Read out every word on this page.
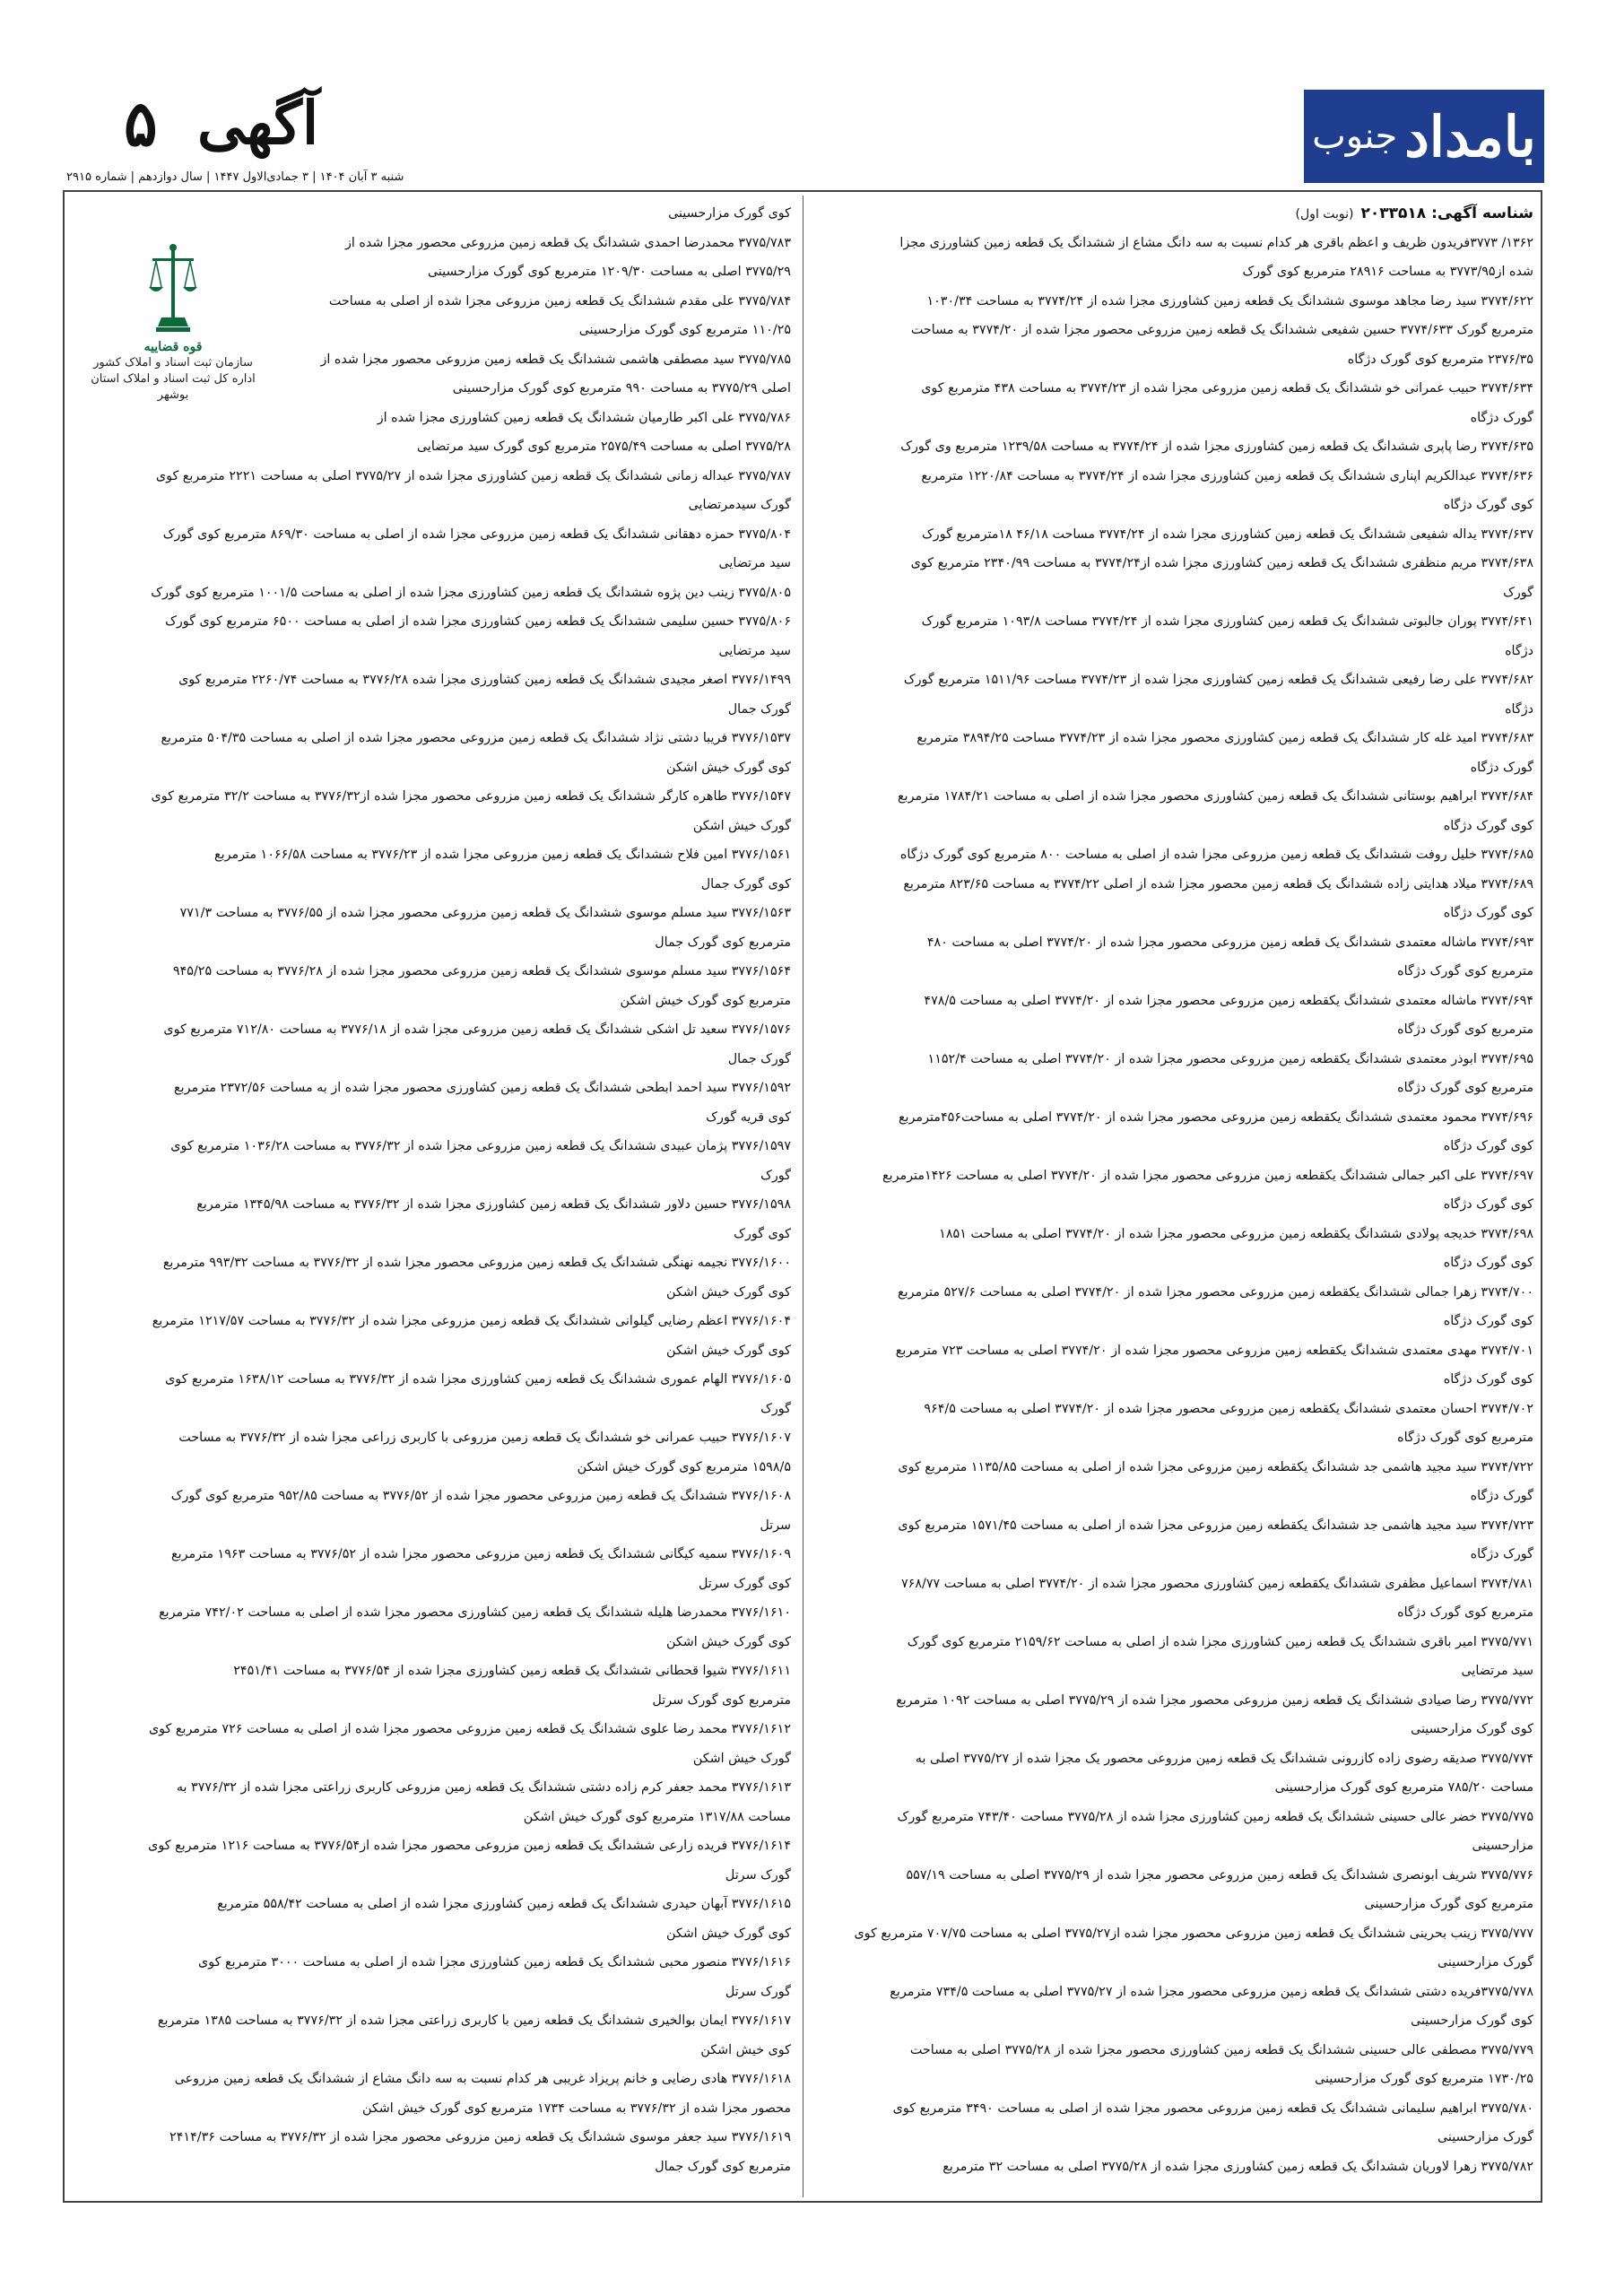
بامداد
جنوب
آگهی
۵
شنبه ۳ آبان ۱۴۰۴ | ۳ جمادی‌الاول ۱۴۴۷ | سال دوازدهم | شماره ۲۹۱۵
شناسه آگهی: ۲۰۳۳۵۱۸(نوبت اول)
۱۳۶۲/ ۳۷۷۳فریدون ظریف و اعظم باقری هر کدام نسبت به سه دانگ مشاع از ششدانگ یک قطعه زمین کشاورزی مجزا
شده از۳۷۷۳/۹۵ به مساحت ۲۸۹۱۶ مترمربع کوی گورک
۳۷۷۴/۶۲۲ سید رضا مجاهد موسوی ششدانگ یک قطعه زمین کشاورزی مجزا شده از ۳۷۷۴/۲۴ به مساحت ۱۰۳۰/۳۴
مترمربع گورک ۳۷۷۴/۶۳۳ حسین شفیعی ششدانگ یک قطعه زمین مزروعی محصور مجزا شده از ۳۷۷۴/۲۰ به مساحت
۲۳۷۶/۳۵ مترمربع کوی گورک دژگاه
۳۷۷۴/۶۳۴ حبیب عمرانی خو ششدانگ یک قطعه زمین مزروعی مجزا شده از ۳۷۷۴/۲۳ به مساحت ۴۳۸ مترمربع کوی
گورک دژگاه
۳۷۷۴/۶۳۵ رضا پاپری ششدانگ یک قطعه زمین کشاورزی مجزا شده از ۳۷۷۴/۲۴ به مساحت ۱۲۳۹/۵۸ مترمربع وی گورک
۳۷۷۴/۶۳۶ عبدالکریم اپناری ششدانگ یک قطعه زمین کشاورزی مجزا شده از ۳۷۷۴/۲۴ به مساحت ۱۲۲۰/۸۴ مترمربع
کوی گورک دژگاه
۳۷۷۴/۶۳۷ یداله شفیعی ششدانگ یک قطعه زمین کشاورزی مجزا شده از ۳۷۷۴/۲۴ مساحت ۴۶/۱۸ ۱۸مترمربع گورک
۳۷۷۴/۶۳۸ مریم منظفری ششدانگ یک قطعه زمین کشاورزی مجزا شده از۳۷۷۴/۲۴ به مساحت ۲۳۴۰/۹۹ مترمربع کوی
گورک
۳۷۷۴/۶۴۱ پوران جالبوتی ششدانگ یک قطعه زمین کشاورزی مجزا شده از ۳۷۷۴/۲۴ مساحت ۱۰۹۳/۸ مترمربع گورک
دژگاه
۳۷۷۴/۶۸۲ علی رضا رفیعی ششدانگ یک قطعه زمین کشاورزی مجزا شده از ۳۷۷۴/۲۳ مساحت ۱۵۱۱/۹۶ مترمربع گورک
دژگاه
۳۷۷۴/۶۸۳ امید غله کار ششدانگ یک قطعه زمین کشاورزی محصور مجزا شده از ۳۷۷۴/۲۳ مساحت ۳۸۹۴/۲۵ مترمربع
گورک دژگاه
۳۷۷۴/۶۸۴ ابراهیم بوستانی ششدانگ یک قطعه زمین کشاورزی محصور مجزا شده از اصلی به مساحت ۱۷۸۴/۲۱ مترمربع
کوی گورک دژگاه
۳۷۷۴/۶۸۵ خلیل روفت ششدانگ یک قطعه زمین مزروعی مجزا شده از اصلی به مساحت ۸۰۰ مترمربع کوی گورک دژگاه
۳۷۷۴/۶۸۹ میلاد هدایتی زاده ششدانگ یک قطعه زمین محصور مجزا شده از اصلی ۳۷۷۴/۲۲ به مساحت ۸۲۳/۶۵ مترمربع
کوی گورک دژگاه
۳۷۷۴/۶۹۳ ماشاله معتمدی ششدانگ یک قطعه زمین مزروعی محصور مجزا شده از ۳۷۷۴/۲۰ اصلی به مساحت ۴۸۰
مترمربع کوی گورک دژگاه
۳۷۷۴/۶۹۴ ماشاله معتمدی ششدانگ یکقطعه زمین مزروعی محصور مجزا شده از ۳۷۷۴/۲۰ اصلی به مساحت ۴۷۸/۵
مترمربع کوی گورک دژگاه
۳۷۷۴/۶۹۵ ابوذر معتمدی ششدانگ یکقطعه زمین مزروعی محصور مجزا شده از ۳۷۷۴/۲۰ اصلی به مساحت ۱۱۵۲/۴
مترمربع کوی گورک دژگاه
۳۷۷۴/۶۹۶ محمود معتمدی ششدانگ یکقطعه زمین مزروعی محصور مجزا شده از ۳۷۷۴/۲۰ اصلی به مساحت۴۵۶مترمربع
کوی گورک دژگاه
۳۷۷۴/۶۹۷ علی اکبر جمالی ششدانگ یکقطعه زمین مزروعی محصور مجزا شده از ۳۷۷۴/۲۰ اصلی به مساحت ۱۴۲۶مترمربع
کوی گورک دژگاه
۳۷۷۴/۶۹۸ خدیجه پولادی ششدانگ یکقطعه زمین مزروعی محصور مجزا شده از ۳۷۷۴/۲۰ اصلی به مساحت ۱۸۵۱
کوی گورک دژگاه
۳۷۷۴/۷۰۰ زهرا جمالی ششدانگ یکقطعه زمین مزروعی محصور مجزا شده از ۳۷۷۴/۲۰ اصلی به مساحت ۵۲۷/۶ مترمربع
کوی گورک دژگاه
۳۷۷۴/۷۰۱ مهدی معتمدی ششدانگ یکقطعه زمین مزروعی محصور مجزا شده از ۳۷۷۴/۲۰ اصلی به مساحت ۷۲۳ مترمربع
کوی گورک دژگاه
۳۷۷۴/۷۰۲ احسان معتمدی ششدانگ یکقطعه زمین مزروعی محصور مجزا شده از ۳۷۷۴/۲۰ اصلی به مساحت ۹۶۴/۵
مترمربع کوی گورک دژگاه
۳۷۷۴/۷۲۲ سید مجید هاشمی جد ششدانگ یکقطعه زمین مزروعی مجزا شده از اصلی به مساحت ۱۱۳۵/۸۵ مترمربع کوی
گورک دژگاه
۳۷۷۴/۷۲۳ سید مجید هاشمی جد ششدانگ یکقطعه زمین مزروعی مجزا شده از اصلی به مساحت ۱۵۷۱/۴۵ مترمربع کوی
گورک دژگاه
۳۷۷۴/۷۸۱ اسماعیل مظفری ششدانگ یکقطعه زمین کشاورزی محصور مجزا شده از ۳۷۷۴/۲۰ اصلی به مساحت ۷۶۸/۷۷
مترمربع کوی گورک دژگاه
۳۷۷۵/۷۷۱ امیر باقری ششدانگ یک قطعه زمین کشاورزی مجزا شده از اصلی به مساحت ۲۱۵۹/۶۲ مترمربع کوی گورک
سید مرتضایی
۳۷۷۵/۷۷۲ رضا صیادی ششدانگ یک قطعه زمین مزروعی محصور مجزا شده از ۳۷۷۵/۲۹ اصلی به مساحت ۱۰۹۲ مترمربع
کوی گورک مزارحسینی
۳۷۷۵/۷۷۴ صدیقه رضوی زاده کازرونی ششدانگ یک قطعه زمین مزروعی محصور یک مجزا شده از ۳۷۷۵/۲۷ اصلی به
مساحت ۷۸۵/۲۰ مترمربع کوی گورک مزارحسینی
۳۷۷۵/۷۷۵ خضر عالی حسینی ششدانگ یک قطعه زمین کشاورزی مجزا شده از ۳۷۷۵/۲۸ مساحت ۷۴۳/۴۰ مترمربع گورک
مزارحسینی
۳۷۷۵/۷۷۶ شریف ابونصری ششدانگ یک قطعه زمین مزروعی محصور مجزا شده از ۳۷۷۵/۲۹ اصلی به مساحت ۵۵۷/۱۹
مترمربع کوی گورک مزارحسینی
۳۷۷۵/۷۷۷ زینب بحرینی ششدانگ یک قطعه زمین مزروعی محصور مجزا شده از۳۷۷۵/۲۷ اصلی به مساحت ۷۰۷/۷۵ مترمربع کوی
گورک مزارحسینی
۳۷۷۵/۷۷۸فریده دشتی ششدانگ یک قطعه زمین مزروعی محصور مجزا شده از ۳۷۷۵/۲۷ اصلی به مساحت ۷۳۴/۵ مترمربع
کوی گورک مزارحسینی
۳۷۷۵/۷۷۹ مصطفی عالی حسینی ششدانگ یک قطعه زمین کشاورزی محصور مجزا شده از ۳۷۷۵/۲۸ اصلی به مساحت
۱۷۳۰/۲۵ مترمربع کوی گورک مزارحسینی
۳۷۷۵/۷۸۰ ابراهیم سلیمانی ششدانگ یک قطعه زمین مزروعی محصور مجزا شده از اصلی به مساحت ۳۴۹۰ مترمربع کوی
گورک مزارحسینی
۳۷۷۵/۷۸۲ زهرا لاوریان ششدانگ یک قطعه زمین کشاورزی مجزا شده از ۳۷۷۵/۲۸ اصلی به مساحت ۳۲ مترمربع
کوی گورک مزارحسینی
۳۷۷۵/۷۸۳ محمدرضا احمدی ششدانگ یک قطعه زمین مزروعی محصور مجزا شده از
۳۷۷۵/۲۹ اصلی به مساحت ۱۲۰۹/۳۰ مترمربع کوی گورک مزارحسینی
۳۷۷۵/۷۸۴ علی مقدم ششدانگ یک قطعه زمین مزروعی مجزا شده از اصلی به مساحت
۱۱۰/۲۵ مترمربع کوی گورک مزارحسینی
۳۷۷۵/۷۸۵ سید مصطفی هاشمی ششدانگ یک قطعه زمین مزروعی محصور مجزا شده از
اصلی ۳۷۷۵/۲۹ به مساحت ۹۹۰ مترمربع کوی گورک مزارحسینی
۳۷۷۵/۷۸۶ علی اکبر طارمیان ششدانگ یک قطعه زمین کشاورزی مجزا شده از
۳۷۷۵/۲۸ اصلی به مساحت ۲۵۷۵/۴۹ مترمربع کوی گورک سید مرتضایی
۳۷۷۵/۷۸۷ عبداله زمانی ششدانگ یک قطعه زمین کشاورزی مجزا شده از ۳۷۷۵/۲۷ اصلی به مساحت ۲۲۲۱ مترمربع کوی
گورک سیدمرتضایی
۳۷۷۵/۸۰۴ حمزه دهقانی ششدانگ یک قطعه زمین مزروعی مجزا شده از اصلی به مساحت ۸۶۹/۳۰ مترمربع کوی گورک
سید مرتضایی
۳۷۷۵/۸۰۵ زینب دین پژوه ششدانگ یک قطعه زمین کشاورزی مجزا شده از اصلی به مساحت ۱۰۰۱/۵ مترمربع کوی گورک
۳۷۷۵/۸۰۶ حسین سلیمی ششدانگ یک قطعه زمین کشاورزی مجزا شده از اصلی به مساحت ۶۵۰۰ مترمربع کوی گورک
سید مرتضایی
۳۷۷۶/۱۴۹۹ اصغر مجیدی ششدانگ یک قطعه زمین کشاورزی مجزا شده ۳۷۷۶/۲۸ به مساحت ۲۲۶۰/۷۴ مترمربع کوی
گورک جمال
۳۷۷۶/۱۵۳۷ فریبا دشتی نژاد ششدانگ یک قطعه زمین مزروعی محصور مجزا شده از اصلی به مساحت ۵۰۴/۳۵ مترمربع
کوی گورک خیش اشکن
۳۷۷۶/۱۵۴۷ طاهره کارگر ششدانگ یک قطعه زمین مزروعی محصور مجزا شده از۳۷۷۶/۳۲ به مساحت ۳۲/۲ مترمربع کوی
گورک خیش اشکن
۳۷۷۶/۱۵۶۱ امین فلاح ششدانگ یک قطعه زمین مزروعی مجزا شده از ۳۷۷۶/۲۳ به مساحت ۱۰۶۶/۵۸ مترمربع
کوی گورک جمال
۳۷۷۶/۱۵۶۳ سید مسلم موسوی ششدانگ یک قطعه زمین مزروعی محصور مجزا شده از ۳۷۷۶/۵۵ به مساحت ۷۷۱/۳
مترمربع کوی گورک جمال
۳۷۷۶/۱۵۶۴ سید مسلم موسوی ششدانگ یک قطعه زمین مزروعی محصور مجزا شده از ۳۷۷۶/۲۸ به مساحت ۹۴۵/۲۵
مترمربع کوی گورک خیش اشکن
۳۷۷۶/۱۵۷۶ سعید تل اشکی ششدانگ یک قطعه زمین مزروعی مجزا شده از ۳۷۷۶/۱۸ به مساحت ۷۱۲/۸۰ مترمربع کوی
گورک جمال
۳۷۷۶/۱۵۹۲ سید احمد ابطحی ششدانگ یک قطعه زمین کشاورزی محصور مجزا شده از به مساحت ۲۳۷۲/۵۶ مترمربع
کوی قریه گورک
۳۷۷۶/۱۵۹۷ پژمان عبیدی ششدانگ یک قطعه زمین مزروعی مجزا شده از ۳۷۷۶/۳۲ به مساحت ۱۰۳۶/۲۸ مترمربع کوی
گورک
۳۷۷۶/۱۵۹۸ حسین دلاور ششدانگ یک قطعه زمین کشاورزی مجزا شده از ۳۷۷۶/۳۲ به مساحت ۱۳۴۵/۹۸ مترمربع
کوی گورک
۳۷۷۶/۱۶۰۰ نجیمه نهنگی ششدانگ یک قطعه زمین مزروعی محصور مجزا شده از ۳۷۷۶/۳۲ به مساحت ۹۹۳/۳۲ مترمربع
کوی گورک خیش اشکن
۳۷۷۶/۱۶۰۴ اعظم رضایی گیلوانی ششدانگ یک قطعه زمین مزروعی مجزا شده از ۳۷۷۶/۳۲ به مساحت ۱۲۱۷/۵۷ مترمربع
کوی گورک خیش اشکن
۳۷۷۶/۱۶۰۵ الهام عموری ششدانگ یک قطعه زمین کشاورزی مجزا شده از ۳۷۷۶/۳۲ به مساحت ۱۶۳۸/۱۲ مترمربع کوی
گورک
۳۷۷۶/۱۶۰۷ حبیب عمرانی خو ششدانگ یک قطعه زمین مزروعی با کاربری زراعی مجزا شده از ۳۷۷۶/۳۲ به مساحت
۱۵۹۸/۵ مترمربع کوی گورک خیش اشکن
۳۷۷۶/۱۶۰۸ ششدانگ یک قطعه زمین مزروعی محصور مجزا شده از ۳۷۷۶/۵۲ به مساحت ۹۵۲/۸۵ مترمربع کوی گورک
سرتل
۳۷۷۶/۱۶۰۹ سمیه کیگانی ششدانگ یک قطعه زمین مزروعی محصور مجزا شده از ۳۷۷۶/۵۲ به مساحت ۱۹۶۳ مترمربع
کوی گورک سرتل
۳۷۷۶/۱۶۱۰ محمدرضا هلیله ششدانگ یک قطعه زمین کشاورزی محصور مجزا شده از اصلی به مساحت ۷۴۲/۰۲ مترمربع
کوی گورک خیش اشکن
۳۷۷۶/۱۶۱۱ شیوا قحطانی ششدانگ یک قطعه زمین کشاورزی مجزا شده از ۳۷۷۶/۵۴ به مساحت ۲۴۵۱/۴۱
مترمربع کوی گورک سرتل
۳۷۷۶/۱۶۱۲ محمد رضا علوی ششدانگ یک قطعه زمین مزروعی محصور مجزا شده از اصلی به مساحت ۷۲۶ مترمربع کوی
گورک خیش اشکن
۳۷۷۶/۱۶۱۳ محمد جعفر کرم زاده دشتی ششدانگ یک قطعه زمین مزروعی کاربری زراعتی مجزا شده از ۳۷۷۶/۳۲ به
مساحت ۱۳۱۷/۸۸ مترمربع کوی گورک خیش اشکن
۳۷۷۶/۱۶۱۴ فریده زارعی ششدانگ یک قطعه زمین مزروعی محصور مجزا شده از۳۷۷۶/۵۴ به مساحت ۱۲۱۶ مترمربع کوی
گورک سرتل
۳۷۷۶/۱۶۱۵ آبهان حیدری ششدانگ یک قطعه زمین کشاورزی مجزا شده از اصلی به مساحت ۵۵۸/۴۲ مترمربع
کوی گورک خیش اشکن
۳۷۷۶/۱۶۱۶ منصور محبی ششدانگ یک قطعه زمین کشاورزی مجزا شده از اصلی به مساحت ۳۰۰۰ مترمربع کوی
گورک سرتل
۳۷۷۶/۱۶۱۷ ایمان بوالخیری ششدانگ یک قطعه زمین با کاربری زراعتی مجزا شده از ۳۷۷۶/۳۲ به مساحت ۱۳۸۵ مترمربع
کوی خیش اشکن
۳۷۷۶/۱۶۱۸ هادی رضایی و خانم پریزاد غریبی هر کدام نسبت به سه دانگ مشاع از ششدانگ یک قطعه زمین مزروعی
محصور مجزا شده از ۳۷۷۶/۳۲ به مساحت ۱۷۳۴ مترمربع کوی گورک خیش اشکن
۳۷۷۶/۱۶۱۹ سید جعفر موسوی ششدانگ یک قطعه زمین مزروعی محصور مجزا شده از ۳۷۷۶/۳۲ به مساحت ۲۴۱۴/۳۶
مترمربع کوی گورک جمال
قوه قضاییه
سازمان ثبت اسناد و املاک کشور
اداره کل ثبت اسناد و املاک استان بوشهر
